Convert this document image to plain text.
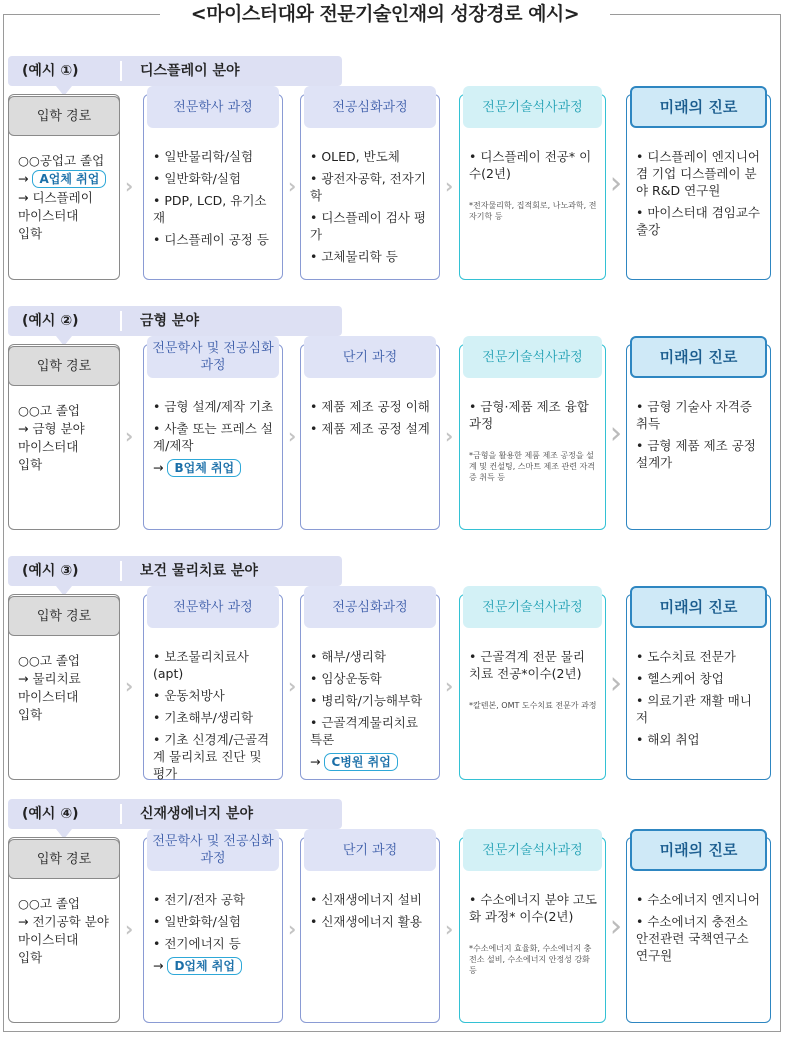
<마이스터대와 전문기술인재의 성장경로 예시>
(예시 ①)	디스플레이 분야
입학 경로

○○공업고 졸업

→ A업체 취업

→ 디스플레이

마이스터대

입학

›
전문학사 과정

• 일반물리학/실험

• 일반화학/실험

• PDP, LCD, 유기소재

• 디스플레이 공정 등

›
전공심화과정

• OLED, 반도체

• 광전자공학, 전자기학

• 디스플레이 검사 평가

• 고체물리학 등

›
전문기술석사과정

• 디스플레이 전공* 이수(2년)

*전자물리학, 집적회로, 나노과학, 전자기학 등
미래의 진로

• 디스플레이 엔지니어 겸 기업 디스플레이 분야 R&D 연구원

• 마이스터대 겸임교수 출강

(예시 ②)	금형 분야
입학 경로

○○고 졸업

→ 금형 분야

마이스터대

입학

›
전문학사 및 전공심화과정

• 금형 설계/제작 기초

• 사출 또는 프레스 설계/제작

→ B업체 취업

›
단기 과정

• 제품 제조 공정 이해

• 제품 제조 공정 설계 ›
전문기술석사과정

• 금형·제품 제조 융합 과정

*금형을 활용한 제품 제조 공정을 설계 및 컨설팅, 스마트 제조 관련 자격증 취득 등
미래의 진로

• 금형 기술사 자격증 취득

• 금형 제품 제조 공정 설계가

(예시 ③)	보건 물리치료 분야
입학 경로

○○고 졸업

→ 물리치료

마이스터대

입학

›
전문학사 과정

• 보조물리치료사(apt)

• 운동처방사

• 기초해부/생리학

• 기초 신경계/근골격계 물리치료 진단 및 평가

›
전공심화과정

• 해부/생리학

• 임상운동학

• 병리학/기능해부학

• 근골격계물리치료 특론

→ C병원 취업

›
전문기술석사과정

• 근골격계 전문 물리 치료 전공*이수(2년)

*칼텐본, OMT 도수치료 전문가 과정
미래의 진로

• 도수치료 전문가

• 헬스케어 창업

• 의료기관 재활 매니저

• 해외 취업

(예시 ④)	신재생에너지 분야
입학 경로

○○고 졸업

→ 전기공학 분야

마이스터대

입학

›
전문학사 및 전공심화과정

• 전기/전자 공학

• 일반화학/실험

• 전기에너지 등

→ D업체 취업

›
단기 과정

• 신재생에너지 설비

• 신재생에너지 활용	›
전문기술석사과정

• 수소에너지 분야 고도화 과정* 이수(2년)

*수소에너지 효율화, 수소에너지 충전소 설비, 수소에너지 안정성 강화 등
미래의 진로

• 수소에너지 엔지니어

• 수소에너지 충전소 안전관련 국책연구소 연구원
